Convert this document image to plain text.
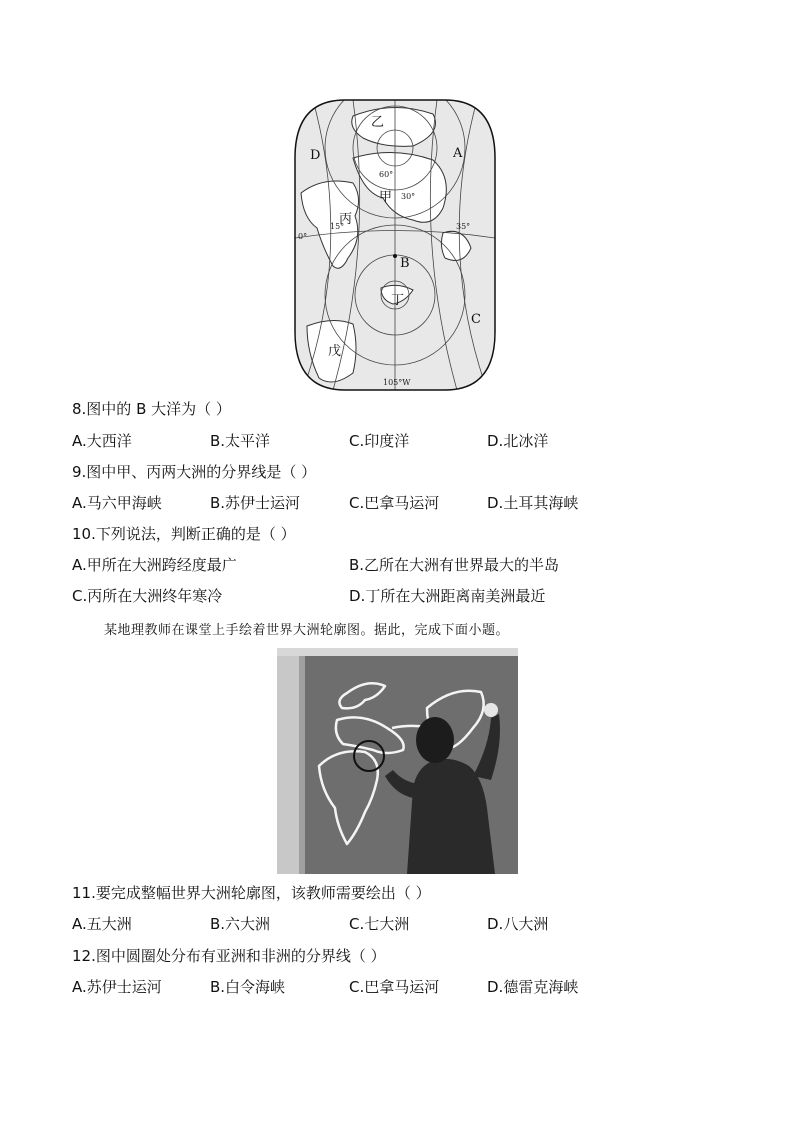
乙
A
D
60°
甲 30°
丙
15°	35°
0°
B
丁
C
戊
105°W
8.图中的 B 大洋为（ ）
A.大西洋	B.太平洋	C.印度洋	D.北冰洋
9.图中甲、丙两大洲的分界线是（ ）
A.马六甲海峡	B.苏伊士运河	C.巴拿马运河	D.土耳其海峡
10.下列说法，判断正确的是（ ）
A.甲所在大洲跨经度最广	B.乙所在大洲有世界最大的半岛
C.丙所在大洲终年寒冷	D.丁所在大洲距离南美洲最近
某地理教师在课堂上手绘着世界大洲轮廓图。据此，完成下面小题。
11.要完成整幅世界大洲轮廓图，该教师需要绘出（ ）
A.五大洲	B.六大洲	C.七大洲	D.八大洲
12.图中圆圈处分布有亚洲和非洲的分界线（ ）
A.苏伊士运河	B.白令海峡	C.巴拿马运河	D.德雷克海峡
